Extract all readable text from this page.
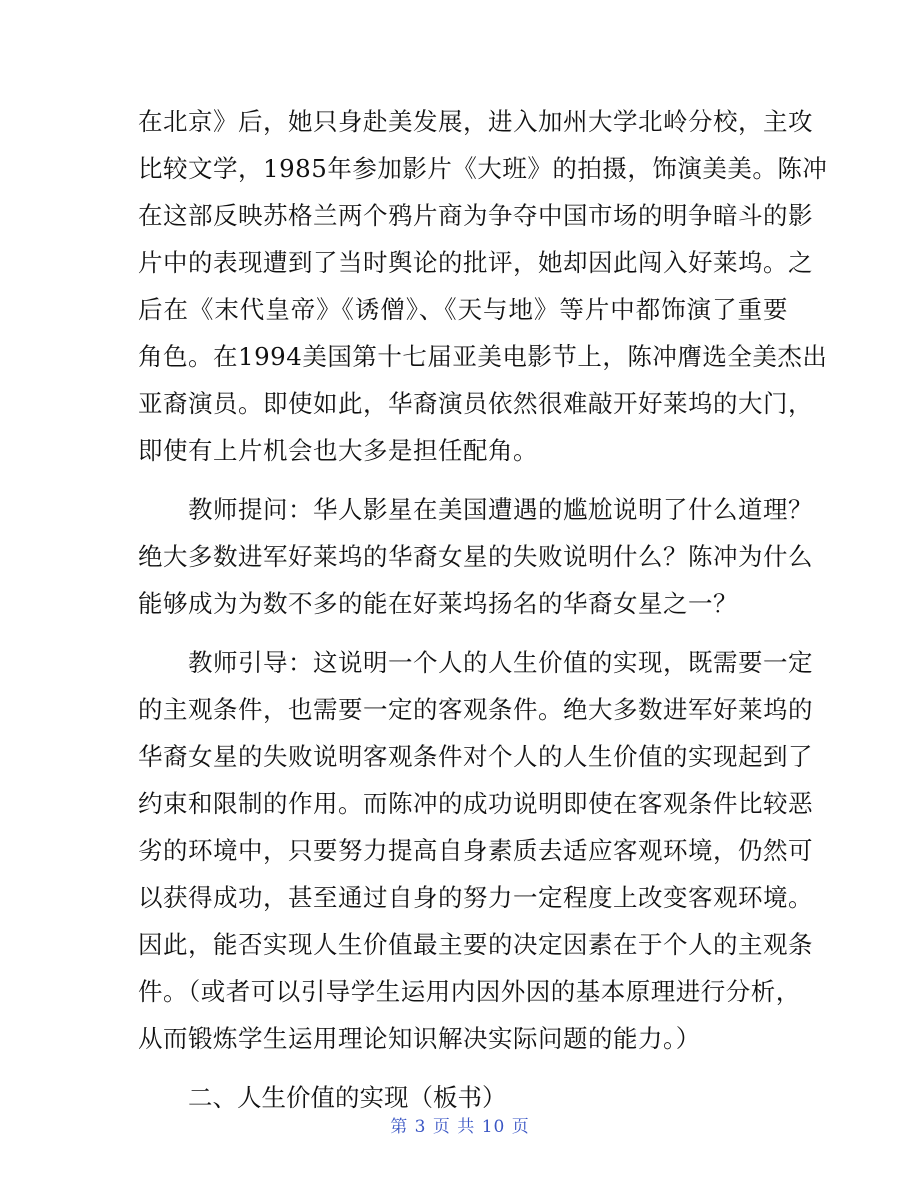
在北京》后，她只身赴美发展，进入加州大学北岭分校，主攻
比较文学，1985年参加影片《大班》的拍摄，饰演美美。陈冲
在这部反映苏格兰两个鸦片商为争夺中国市场的明争暗斗的影
片中的表现遭到了当时舆论的批评，她却因此闯入好莱坞。之
后在《末代皇帝》《诱僧》、《天与地》等片中都饰演了重要
角色。在1994美国第十七届亚美电影节上，陈冲膺选全美杰出
亚裔演员。即使如此，华裔演员依然很难敲开好莱坞的大门，
即使有上片机会也大多是担任配角。
教师提问：华人影星在美国遭遇的尴尬说明了什么道理？
绝大多数进军好莱坞的华裔女星的失败说明什么？陈冲为什么
能够成为为数不多的能在好莱坞扬名的华裔女星之一？
教师引导：这说明一个人的人生价值的实现，既需要一定
的主观条件，也需要一定的客观条件。绝大多数进军好莱坞的
华裔女星的失败说明客观条件对个人的人生价值的实现起到了
约束和限制的作用。而陈冲的成功说明即使在客观条件比较恶
劣的环境中，只要努力提高自身素质去适应客观环境，仍然可
以获得成功，甚至通过自身的努力一定程度上改变客观环境。
因此，能否实现人生价值最主要的决定因素在于个人的主观条
件。（或者可以引导学生运用内因外因的基本原理进行分析，
从而锻炼学生运用理论知识解决实际问题的能力。）
二、人生价值的实现（板书）
第 3 页 共 10 页
